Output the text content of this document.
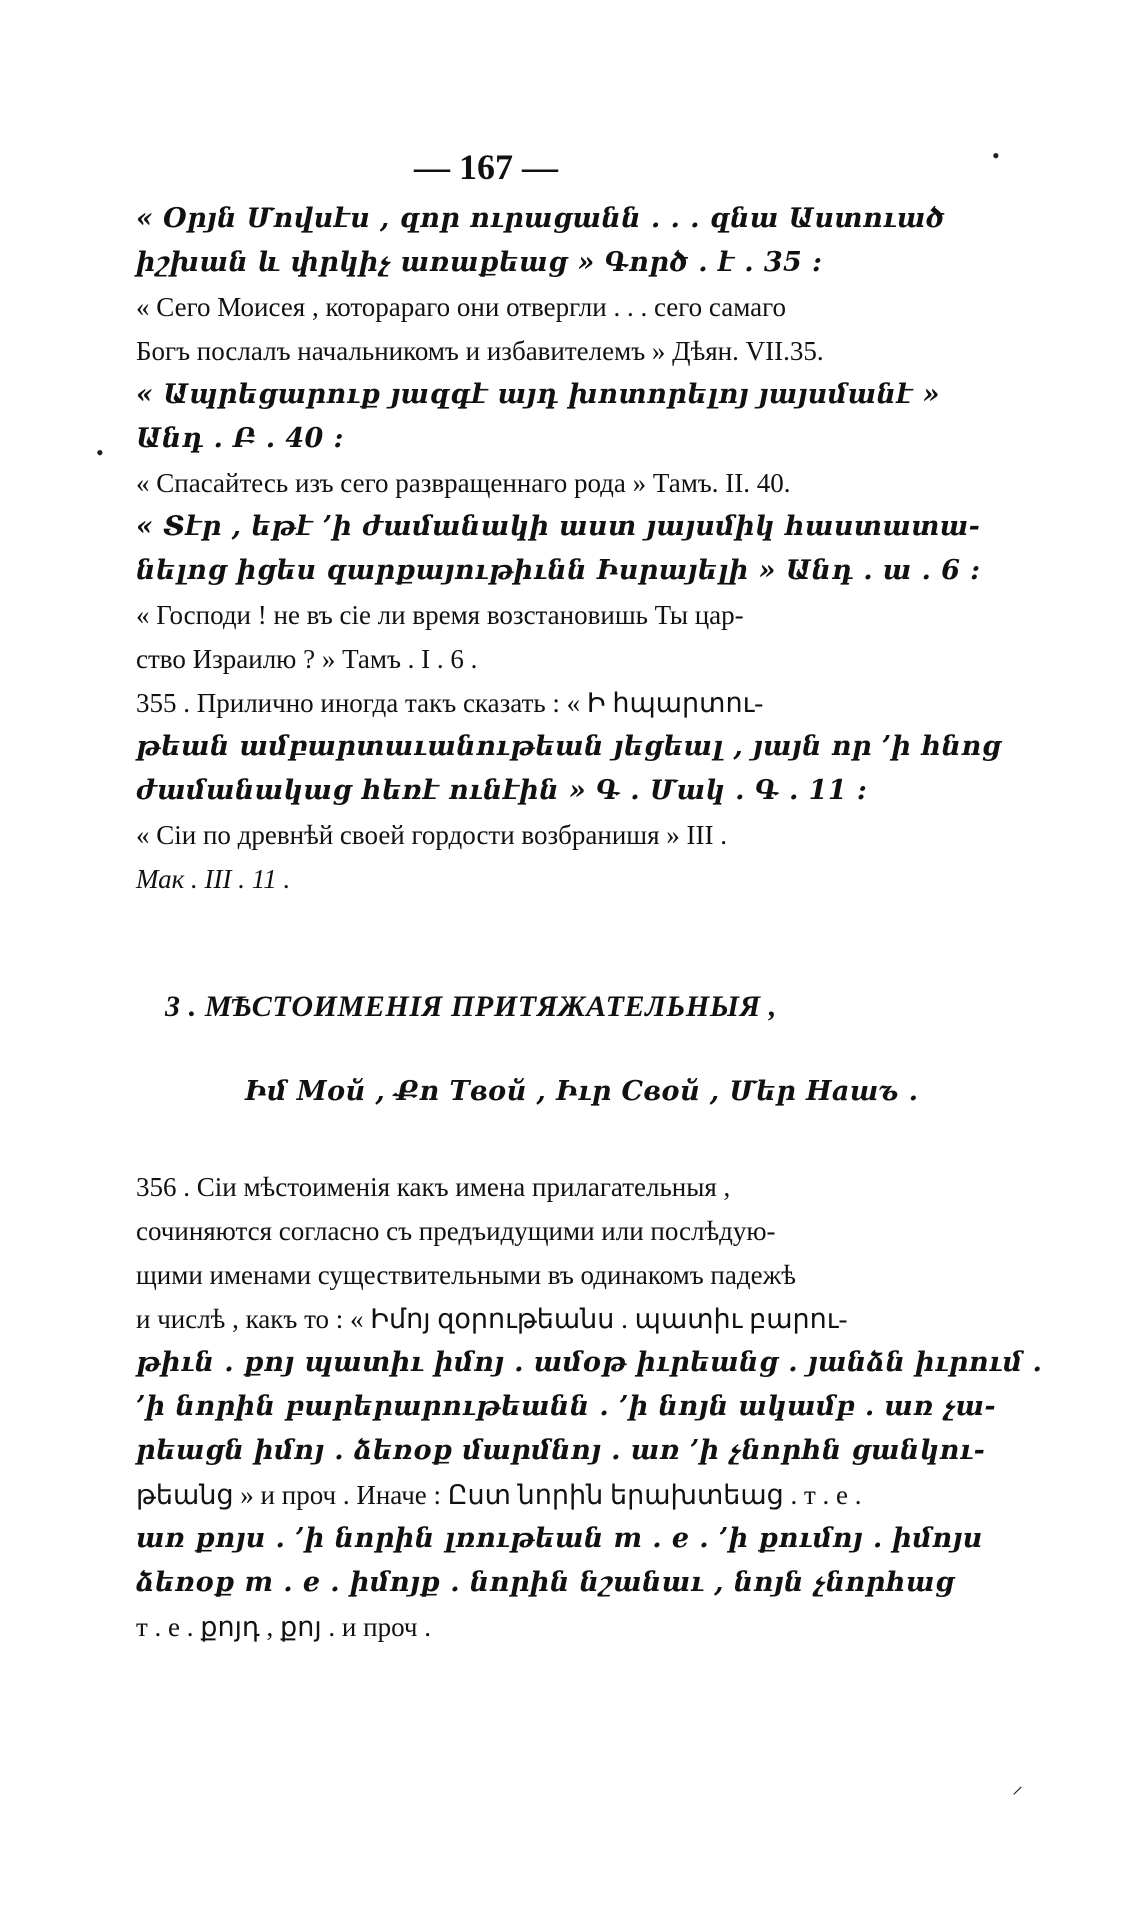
— 167 —
« Օրյն Մովսէս , զոր ուրացանն . . . զնա Աստուած
իշխան և փրկիչ առաքեաց » Գործ . է . 35 :
« Сего Моисея , которараго они отвергли . . . сего самаго
Богъ послалъ начальникомъ и избавителемъ » Дѣян. VII.35.
« Ապրեցարուք յազգէ այդ խոտորելոյ յայսմանէ »
Անդ . Բ . 40 :
« Спасайтесь изъ сего развращеннаго рода » Тамъ. II. 40.
« Տէր , եթէ ’ի ժամանակի աստ յայսմիկ հաստատա-
նելոց իցես զարքայութիւնն Իսրայելի » Անդ . ա . 6 :
« Господи ! не въ сіе ли время возстановишь Ты цар-
ство Израилю ? » Тамъ . I . 6 .
355 . Прилично иногда такъ сказать : « Ի հպարտու-
թեան ամբարտաւանութեան յեցեալ , յայն որ ’ի հնոց
ժամանակաց հեռէ ունէին » Գ . Մակ . Գ . 11 :
« Сіи по древнѣй своей гордости возбранишя » III .
Мак . III . 11 .
3 . МѢСТОИМЕНІЯ ПРИТЯЖАТЕЛЬНЫЯ ,
Իմ Мой , Քո Твой , Իւր Свой , Մեր Нашъ .
356 . Сіи мѣстоименія какъ имена прилагательныя ,
сочиняются согласно съ предъидущими или послѣдую-
щими именами существительными въ одинакомъ падежѣ
и числѣ , какъ то : « Իմոյ զօրութեանս . պատիւ բարու-
թիւն . քոյ պատիւ իմոյ . ամօթ իւրեանց . յանձն իւրում .
’ի նորին բարերարութեանն . ’ի նոյն ակամբ . առ չա-
րեացն իմոյ . ձեռօք մարմնոյ . առ ’ի չնորհն ցանկու-
թեանց » и проч . Иначе : Ըստ նորին երախտեաց . т . е .
առ քոյս . ’ի նորին լռութեան т . е . ’ի քումոյ . իմոյս
ձեռօք т . е . իմոյք . նորին նշանաւ , նոյն չնորհաց
т . е . քոյդ , քոյ . и проч .
•
•
⸝
